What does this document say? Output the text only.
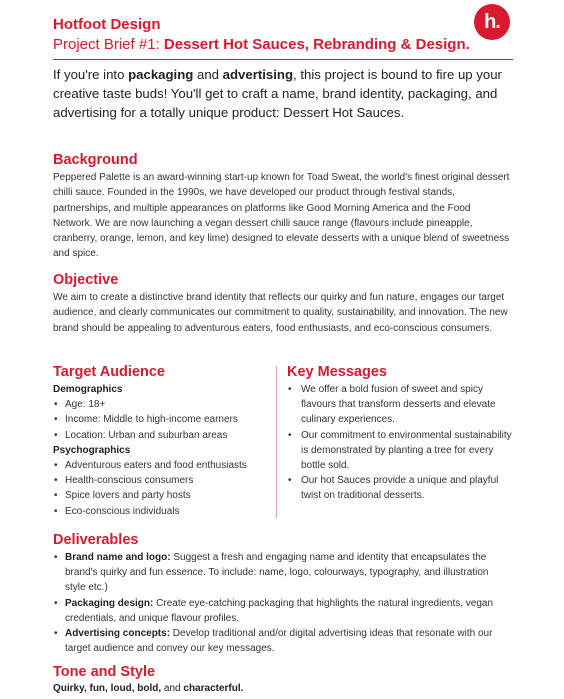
h.
Hotfoot Design

Project Brief #1: Dessert Hot Sauces, Rebranding & Design.

If you're into packaging and advertising, this project is bound to fire up your creative taste buds! You'll get to craft a name, brand identity, packaging, and advertising for a totally unique product: Dessert Hot Sauces.

Background

Peppered Palette is an award-winning start-up known for Toad Sweat, the world's finest original dessert chilli sauce. Founded in the 1990s, we have developed our product through festival stands, partnerships, and multiple appearances on platforms like Good Morning America and the Food Network. We are now launching a vegan dessert chilli sauce range (flavours include pineapple, cranberry, orange, lemon, and key lime) designed to elevate desserts with a unique blend of sweetness and spice.

Objective

We aim to create a distinctive brand identity that reflects our quirky and fun nature, engages our target audience, and clearly communicates our commitment to quality, sustainability, and innovation. The new brand should be appealing to adventurous eaters, food enthusiasts, and eco-conscious consumers.

Target Audience

Demographics

• Age: 18+
• Income: Middle to high-income earners
• Location: Urban and suburban areas

Psychographics

• Adventurous eaters and food enthusiasts
• Health-conscious consumers
• Spice lovers and party hosts
• Eco-conscious individuals
Key Messages
• We offer a bold fusion of sweet and spicy flavours that transform desserts and elevate culinary experiences.
• Our commitment to environmental sustainability is demonstrated by planting a tree for every bottle sold.
• Our hot Sauces provide a unique and playful twist on traditional desserts.
Deliverables
• Brand name and logo: Suggest a fresh and engaging name and identity that encapsulates the brand's quirky and fun essence. To include: name, logo, colourways, typography, and illustration style etc.)
• Packaging design: Create eye-catching packaging that highlights the natural ingredients, vegan credentials, and unique flavour profiles.
• Advertising concepts: Develop traditional and/or digital advertising ideas that resonate with our target audience and convey our key messages.
Tone and Style

Quirky, fun, loud, bold, and characterful.
